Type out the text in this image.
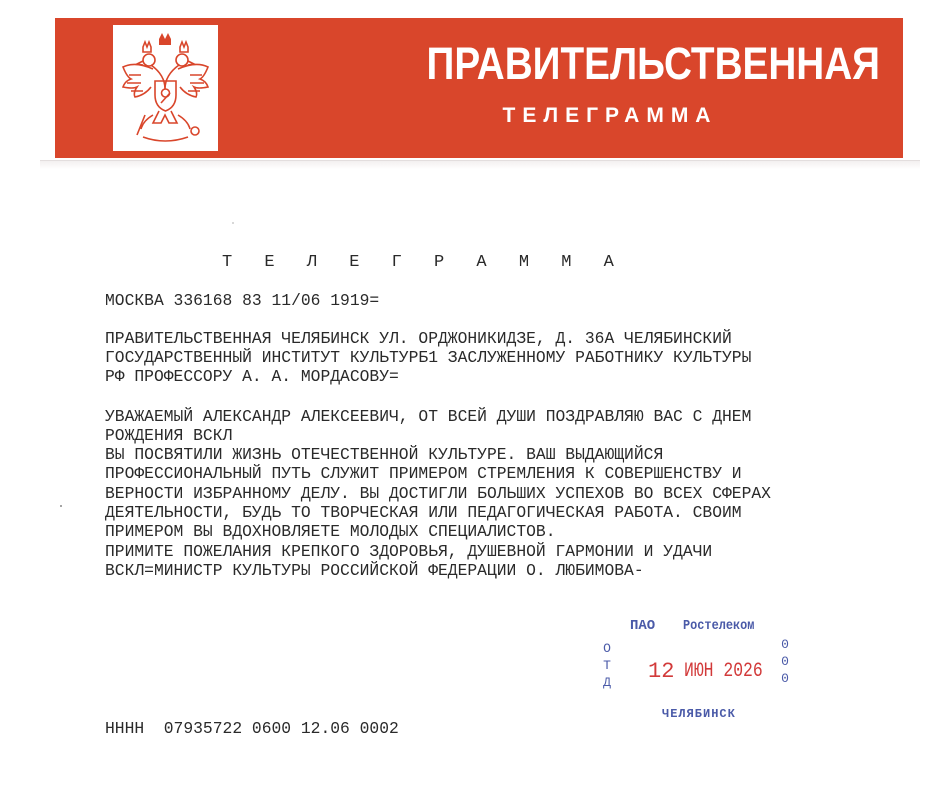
ПРАВИТЕЛЬСТВЕННАЯ
ТЕЛЕГРАММА
Т Е Л Е Г Р А М М А
МОСКВА 336168 83 11/06 1919=
ПРАВИТЕЛЬСТВЕННАЯ ЧЕЛЯБИНСК УЛ. ОРДЖОНИКИДЗЕ, Д. 36А ЧЕЛЯБИНСКИЙ
ГОСУДАРСТВЕННЫЙ ИНСТИТУТ КУЛЬТУРБ1 ЗАСЛУЖЕННОМУ РАБОТНИКУ КУЛЬТУРЫ
РФ ПРОФЕССОРУ А. А. МОРДАСОВУ=
УВАЖАЕМЫЙ АЛЕКСАНДР АЛЕКСЕЕВИЧ, ОТ ВСЕЙ ДУШИ ПОЗДРАВЛЯЮ ВАС С ДНЕМ
РОЖДЕНИЯ ВСКЛ
ВЫ ПОСВЯТИЛИ ЖИЗНЬ ОТЕЧЕСТВЕННОЙ КУЛЬТУРЕ. ВАШ ВЫДАЮЩИЙСЯ
ПРОФЕССИОНАЛЬНЫЙ ПУТЬ СЛУЖИТ ПРИМЕРОМ СТРЕМЛЕНИЯ К СОВЕРШЕНСТВУ И
ВЕРНОСТИ ИЗБРАННОМУ ДЕЛУ. ВЫ ДОСТИГЛИ БОЛЬШИХ УСПЕХОВ ВО ВСЕХ СФЕРАХ
ДЕЯТЕЛЬНОСТИ, БУДЬ ТО ТВОРЧЕСКАЯ ИЛИ ПЕДАГОГИЧЕСКАЯ РАБОТА. СВОИМ
ПРИМЕРОМ ВЫ ВДОХНОВЛЯЕТЕ МОЛОДЫХ СПЕЦИАЛИСТОВ.
ПРИМИТЕ ПОЖЕЛАНИЯ КРЕПКОГО ЗДОРОВЬЯ, ДУШЕВНОЙ ГАРМОНИИ И УДАЧИ
ВСКЛ=МИНИСТР КУЛЬТУРЫ РОССИЙСКОЙ ФЕДЕРАЦИИ О. ЛЮБИМОВА-
ПАО Ростелеком
О
Т
Д 12 ИЮН 2026
0
0
0
ЧЕЛЯБИНСК
НННН  07935722 0600 12.06 0002
